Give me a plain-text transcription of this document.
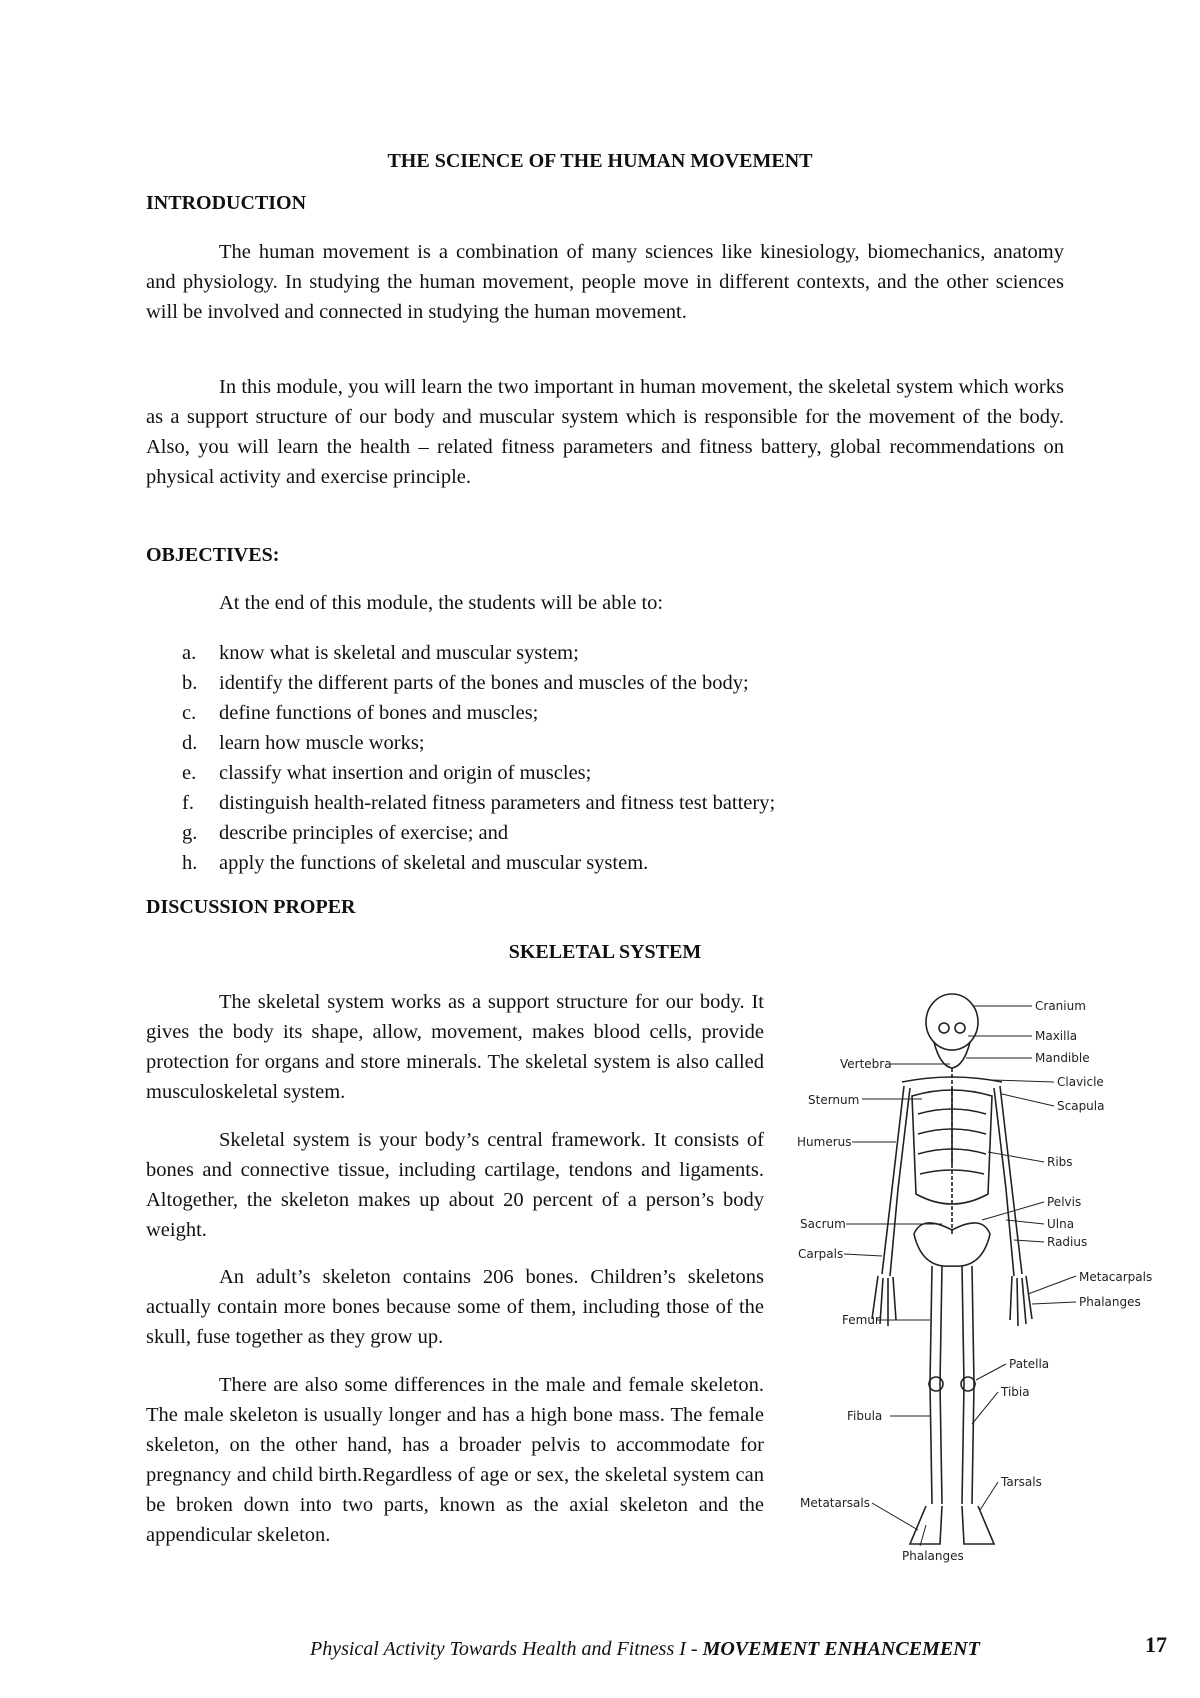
THE SCIENCE OF THE HUMAN MOVEMENT
INTRODUCTION

The human movement is a combination of many sciences like kinesiology, biomechanics, anatomy and physiology. In studying the human movement, people move in different contexts, and the other sciences will be involved and connected in studying the human movement.

In this module, you will learn the two important in human movement, the skeletal system which works as a support structure of our body and muscular system which is responsible for the movement of the body. Also, you will learn the health – related fitness parameters and fitness battery, global recommendations on physical activity and exercise principle.

OBJECTIVES:

At the end of this module, the students will be able to:

a. know what is skeletal and muscular system;
b. identify the different parts of the bones and muscles of the body;
c. define functions of bones and muscles;
d. learn how muscle works;
e. classify what insertion and origin of muscles;
f. distinguish health-related fitness parameters and fitness test battery;
g. describe principles of exercise; and
h. apply the functions of skeletal and muscular system.
DISCUSSION PROPER
SKELETAL SYSTEM

The skeletal system works as a support structure for our body. It gives the body its shape, allow, movement, makes blood cells, provide protection for organs and store minerals. The skeletal system is also called musculoskeletal system.

Skeletal system is your body’s central framework. It consists of bones and connective tissue, including cartilage, tendons and ligaments. Altogether, the skeleton makes up about 20 percent of a person’s body weight.

An adult’s skeleton contains 206 bones. Children’s skeletons actually contain more bones because some of them, including those of the skull, fuse together as they grow up.

There are also some differences in the male and female skeleton. The male skeleton is usually longer and has a high bone mass. The female skeleton, on the other hand, has a broader pelvis to accommodate for pregnancy and child birth.Regardless of age or sex, the skeletal system can be broken down into two parts, known as the axial skeleton and the appendicular skeleton.

Cranium
Maxilla
Mandible
Vertebra
Clavicle
Sternum	Scapula
Humerus
Ribs
Pelvis
Sacrum	Ulna
Radius
Carpals
Metacarpals
Phalanges
Femur
Patella
Tibia
Fibula
Tarsals
Metatarsals
Phalanges
Physical Activity Towards Health and Fitness I - MOVEMENT ENHANCEMENT	17
